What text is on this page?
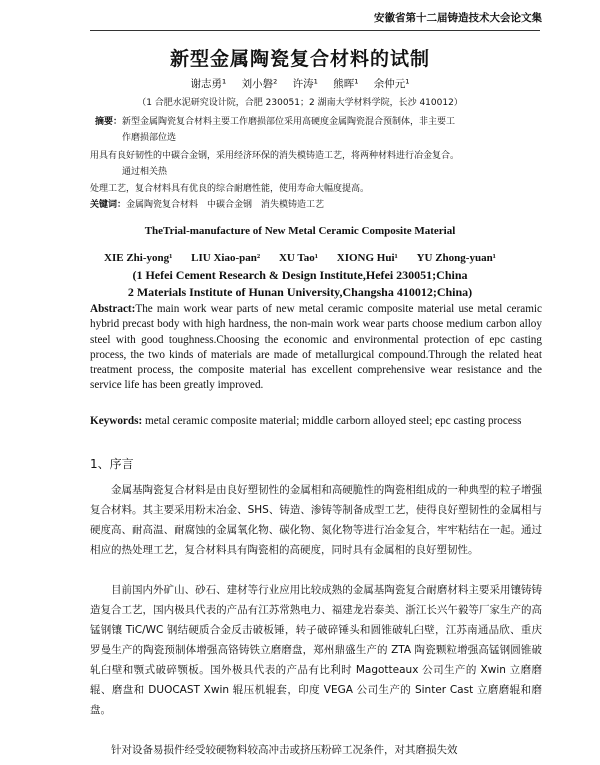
安徽省第十二届铸造技术大会论文集
新型金属陶瓷复合材料的试制
谢志勇¹ 刘小磐² 许涛¹ 熊晖¹ 余仲元¹
（1 合肥水泥研究设计院，合肥 230051；2 湖南大学材料学院，长沙 410012）
摘要：新型金属陶瓷复合材料主要工作磨损部位采用高硬度金属陶瓷混合预制体，非主要工
作磨损部位选
用具有良好韧性的中碳合金钢，采用经济环保的消失模铸造工艺，将两种材料进行冶金复合。
通过相关热
处理工艺，复合材料具有优良的综合耐磨性能，使用寿命大幅度提高。
关键词：金属陶瓷复合材料　中碳合金钢　消失模铸造工艺
TheTrial-manufacture of New Metal Ceramic Composite Material
XIE Zhi-yong¹ LIU Xiao-pan² XU Tao¹ XIONG Hui¹ YU Zhong-yuan¹
(1 Hefei Cement Research & Design Institute,Hefei 230051;China
2 Materials Institute of Hunan University,Changsha 410012;China)
Abstract:The main work wear parts of new metal ceramic composite material use metal ceramic hybrid precast body with high hardness, the non-main work wear parts choose medium carbon alloy steel with good toughness.Choosing the economic and environmental protection of epc casting process, the two kinds of materials are made of metallurgical compound.Through the related heat treatment process, the composite material has excellent comprehensive wear resistance and the service life has been greatly improved.
Keywords: metal ceramic composite material; middle carborn alloyed steel; epc casting process
1、序言
金属基陶瓷复合材料是由良好塑韧性的金属相和高硬脆性的陶瓷相组成的一种典型的粒子增强复合材料。其主要采用粉末冶金、SHS、铸造、渗铸等制备成型工艺，使得良好塑韧性的金属相与硬度高、耐高温、耐腐蚀的金属氧化物、碳化物、氮化物等进行冶金复合，牢牢粘结在一起。通过相应的热处理工艺，复合材料具有陶瓷相的高硬度，同时具有金属相的良好塑韧性。
目前国内外矿山、砂石、建材等行业应用比较成熟的金属基陶瓷复合耐磨材料主要采用镶铸铸造复合工艺，国内极具代表的产品有江苏常熟电力、福建龙岩泰美、浙江长兴午毅等厂家生产的高锰钢镶 TiC/WC 钢结硬质合金反击破板锤，转子破碎锤头和圆锥破轧臼壁，江苏南通品欣、重庆罗曼生产的陶瓷预制体增强高铬铸铁立磨磨盘，郑州鼎盛生产的 ZTA 陶瓷颗粒增强高锰钢圆锥破轧臼壁和颚式破碎颚板。国外极具代表的产品有比利时 Magotteaux 公司生产的 Xwin 立磨磨辊、磨盘和 DUOCAST Xwin 辊压机辊套，印度 VEGA 公司生产的 Sinter Cast 立磨磨辊和磨盘。
针对设备易损件经受较硬物料较高冲击或挤压粉碎工况条件，对其磨损失效
